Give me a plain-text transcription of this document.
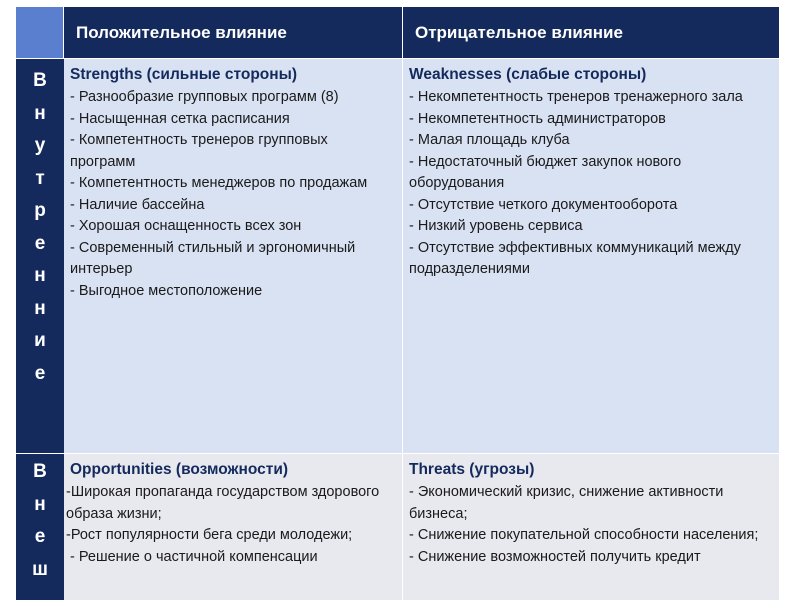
Положительное влияние	Отрицательное влияние
В
н
у
т
р
е
н
н
и
е
Strengths (сильные стороны)
- Разнообразие групповых программ (8)
- Насыщенная сетка расписания
- Компетентность тренеров групповых программ
- Компетентность менеджеров по продажам
- Наличие бассейна
- Хорошая оснащенность всех зон
- Современный стильный и эргономичный интерьер
- Выгодное местоположение
Weaknesses (слабые стороны)
- Некомпетентность тренеров тренажерного зала
- Некомпетентность администраторов
- Малая площадь клуба
- Недостаточный бюджет закупок нового оборудования
- Отсутствие четкого документооборота
- Низкий уровень сервиса
- Отсутствие эффективных коммуникаций между подразделениями
В
н
е
ш
Opportunities (возможности)
-Широкая пропаганда государством здорового образа жизни;
-Рост популярности бега среди молодежи;
- Решение о частичной компенсации
Threats (угрозы)
- Экономический кризис, снижение активности бизнеса;
- Снижение покупательной способности населения;
- Снижение возможностей получить кредит
